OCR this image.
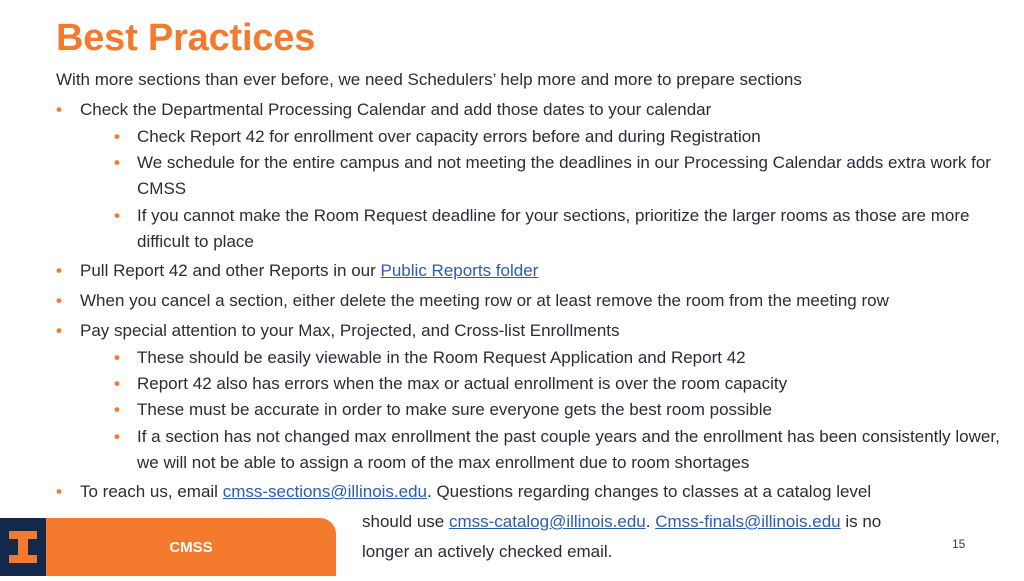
Best Practices
With more sections than ever before, we need Schedulers’ help more and more to prepare sections
• Check the Departmental Processing Calendar and add those dates to your calendar
• Check Report 42 for enrollment over capacity errors before and during Registration
• We schedule for the entire campus and not meeting the deadlines in our Processing Calendar adds extra work for CMSS
• If you cannot make the Room Request deadline for your sections, prioritize the larger rooms as those are more difficult to place
• Pull Report 42 and other Reports in our Public Reports folder
• When you cancel a section, either delete the meeting row or at least remove the room from the meeting row
• Pay special attention to your Max, Projected, and Cross-list Enrollments
• These should be easily viewable in the Room Request Application and Report 42
• Report 42 also has errors when the max or actual enrollment is over the room capacity
• These must be accurate in order to make sure everyone gets the best room possible
• If a section has not changed max enrollment the past couple years and the enrollment has been consistently lower, we will not be able to assign a room of the max enrollment due to room shortages
• To reach us, email cmss-sections@illinois.edu. Questions regarding changes to classes at a catalog level
should use cmss-catalog@illinois.edu. Cmss-finals@illinois.edu is no
longer an actively checked email.
CMSS	15
